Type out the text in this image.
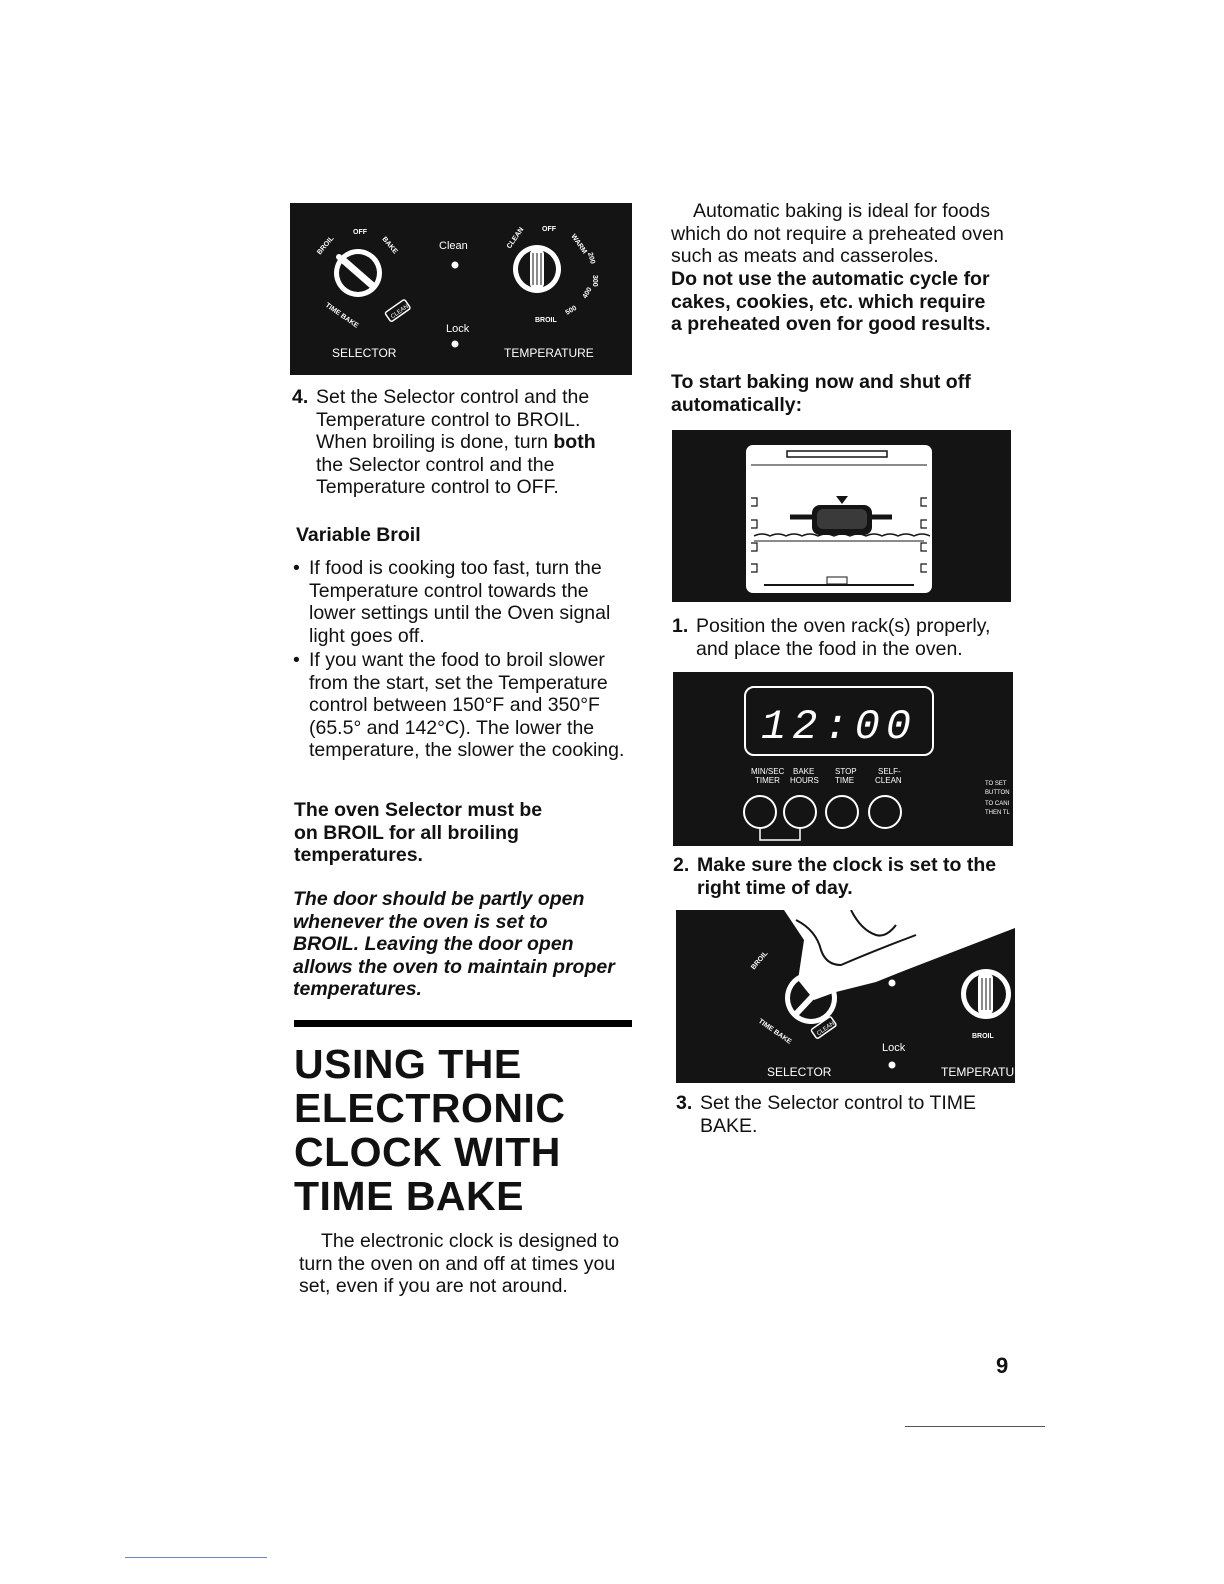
OFF
BROIL	BAKE
TIME BAKE	CLEAN
Clean
Lock
OFF
CLEAN	WARM
200
300
400
500
BROIL
SELECTOR	TEMPERATURE
4. Set the Selector control and the Temperature control to BROIL. When broiling is done, turn both the Selector control and the Temperature control to OFF.
Variable Broil
• If food is cooking too fast, turn the Temperature control towards the lower settings until the Oven signal light goes off.
• If you want the food to broil slower from the start, set the Temperature control between 150°F and 350°F (65.5° and 142°C). The lower the temperature, the slower the cooking.
The oven Selector must be on BROIL for all broiling temperatures.
The door should be partly open whenever the oven is set to BROIL. Leaving the door open allows the oven to maintain proper temperatures.
USING THE
ELECTRONIC
CLOCK WITH
TIME BAKE
The electronic clock is designed to turn the oven on and off at times you set, even if you are not around.
Automatic baking is ideal for foods which do not require a preheated oven such as meats and casseroles.
Do not use the automatic cycle for cakes, cookies, etc. which require a preheated oven for good results.
To start baking now and shut off automatically:
1. Position the oven rack(s) properly, and place the food in the oven.
12:00
MIN/SEC
TIMER
BAKE
HOURS
STOP
TIME
SELF-
CLEAN	TO SET
BUTTON
TO CANI
THEN TL
2. Make sure the clock is set to the right time of day.
BROIL
TIME BAKE	CLEAN	BROIL
Lock
SELECTOR	TEMPERATU
3. Set the Selector control to TIME BAKE.
9
